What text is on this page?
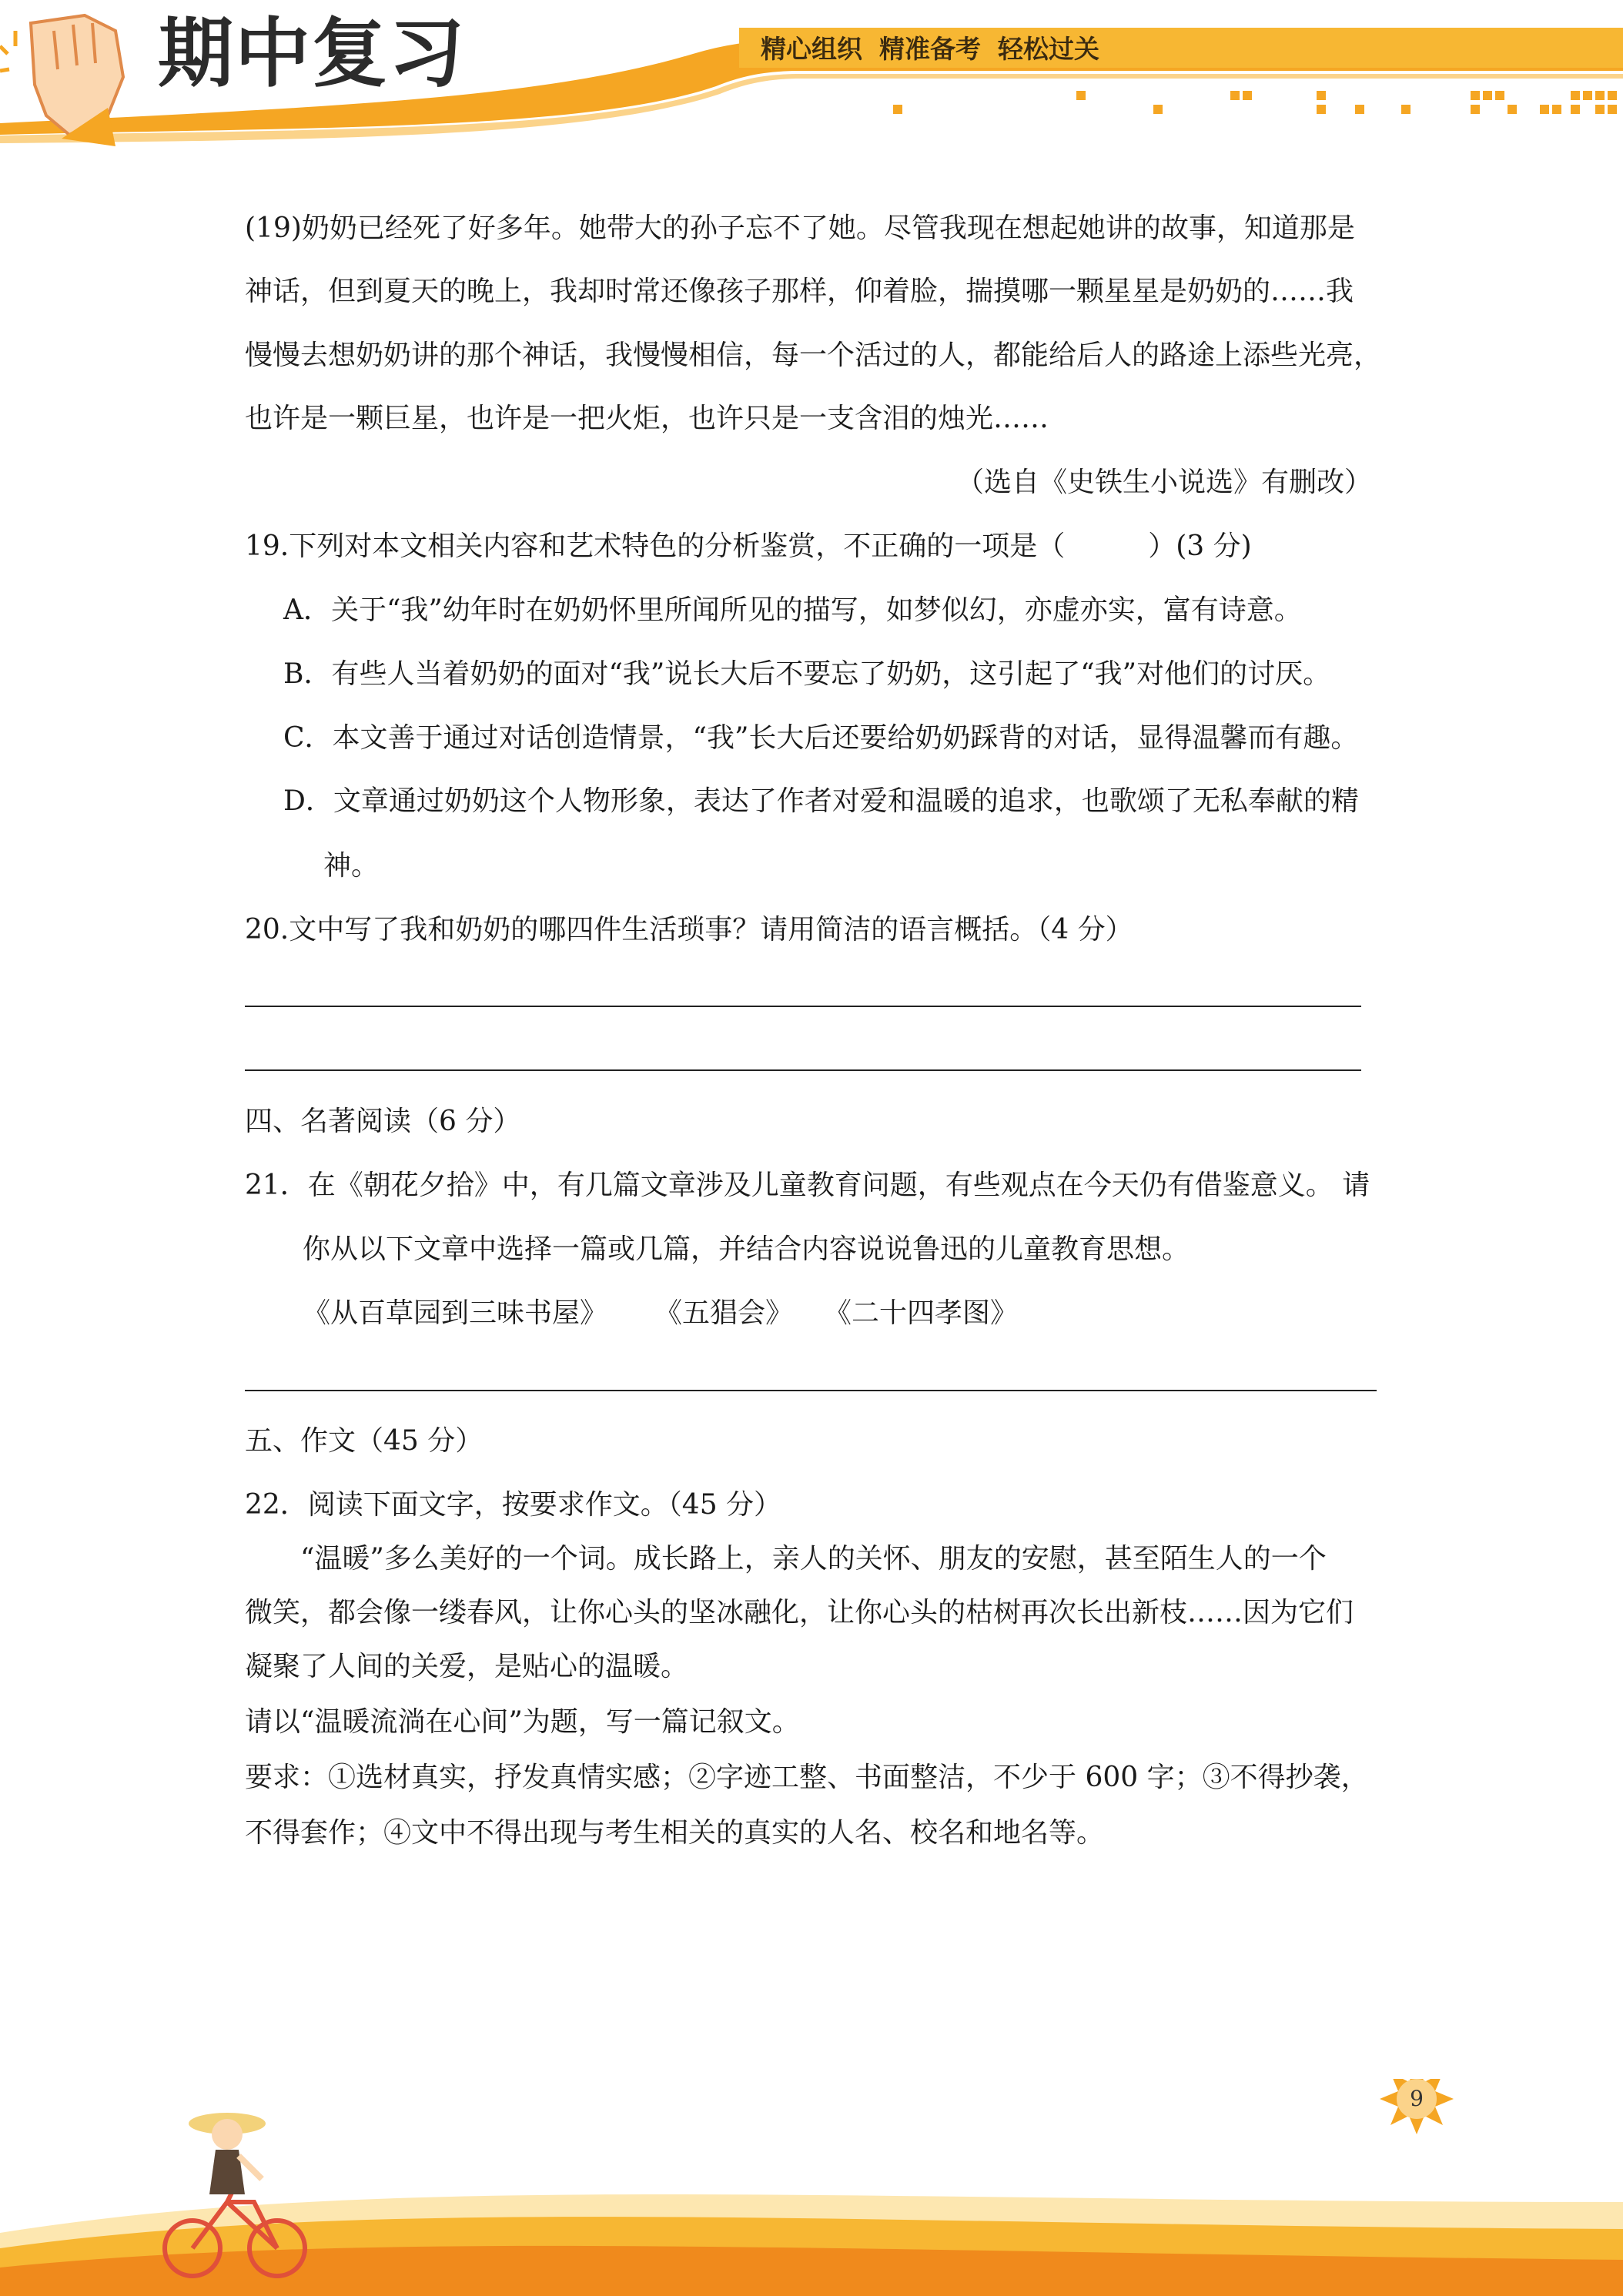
期中复习	精心组织 精准备考 轻松过关
(19)奶奶已经死了好多年。她带大的孙子忘不了她。尽管我现在想起她讲的故事，知道那是
神话，但到夏天的晚上，我却时常还像孩子那样，仰着脸，揣摸哪一颗星星是奶奶的……我
慢慢去想奶奶讲的那个神话，我慢慢相信，每一个活过的人，都能给后人的路途上添些光亮，
也许是一颗巨星，也许是一把火炬，也许只是一支含泪的烛光……
（选自《史铁生小说选》有删改）
19.下列对本文相关内容和艺术特色的分析鉴赏，不正确的一项是（　　　）(3 分)
A．关于“我”幼年时在奶奶怀里所闻所见的描写，如梦似幻，亦虚亦实，富有诗意。
B．有些人当着奶奶的面对“我”说长大后不要忘了奶奶，这引起了“我”对他们的讨厌。
C．本文善于通过对话创造情景，“我”长大后还要给奶奶踩背的对话，显得温馨而有趣。
D．文章通过奶奶这个人物形象，表达了作者对爱和温暖的追求，也歌颂了无私奉献的精
神。
20.文中写了我和奶奶的哪四件生活琐事？请用简洁的语言概括。（4 分）
四、名著阅读（6 分）
21．在《朝花夕拾》中，有几篇文章涉及儿童教育问题，有些观点在今天仍有借鉴意义。 请
你从以下文章中选择一篇或几篇，并结合内容说说鲁迅的儿童教育思想。
《从百草园到三味书屋》 《五猖会》 《二十四孝图》
五、作文（45 分）
22．阅读下面文字，按要求作文。（45 分）
“温暖”多么美好的一个词。成长路上，亲人的关怀、朋友的安慰，甚至陌生人的一个
微笑，都会像一缕春风，让你心头的坚冰融化，让你心头的枯树再次长出新枝……因为它们
凝聚了人间的关爱，是贴心的温暖。
请以“温暖流淌在心间”为题，写一篇记叙文。
要求：①选材真实，抒发真情实感；②字迹工整、书面整洁，不少于 600 字；③不得抄袭，
不得套作；④文中不得出现与考生相关的真实的人名、校名和地名等。
9
